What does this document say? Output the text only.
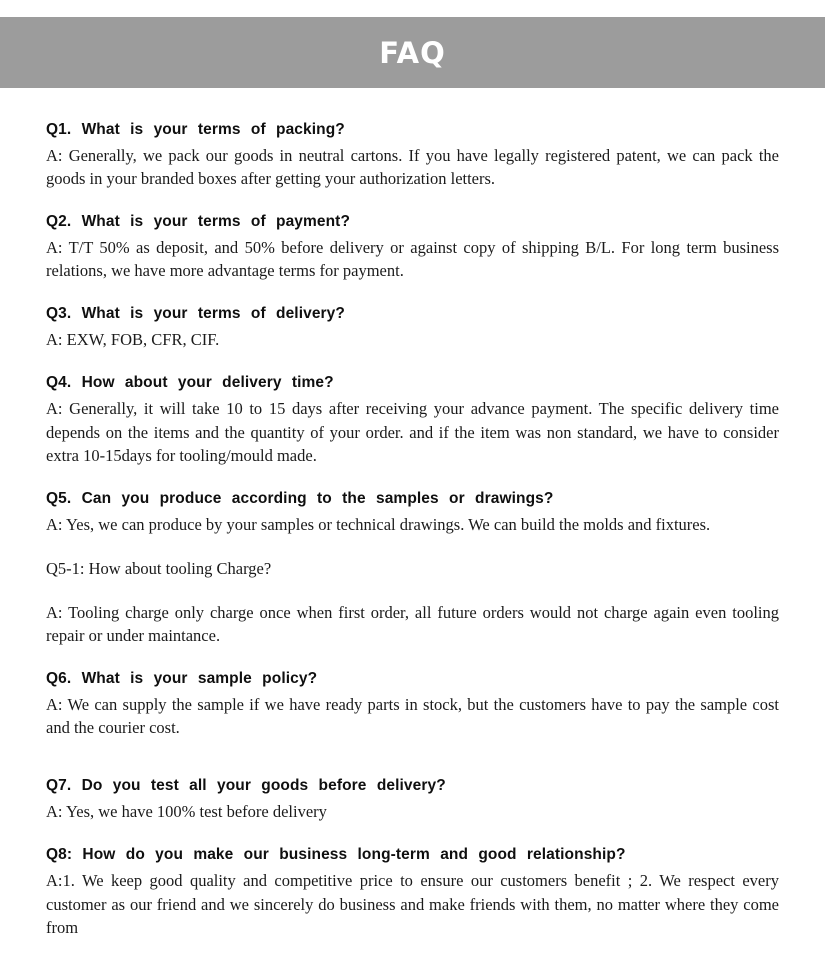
FAQ
Q1. What is your terms of packing?

A: Generally, we pack our goods in neutral cartons. If you have legally registered patent, we can pack the goods in your branded boxes after getting your authorization letters.

Q2. What is your terms of payment?

A: T/T 50% as deposit, and 50% before delivery or against copy of shipping B/L. For long term business relations, we have more advantage terms for payment.

Q3. What is your terms of delivery?

A: EXW, FOB, CFR, CIF.

Q4. How about your delivery time?

A: Generally, it will take 10 to 15 days after receiving your advance payment. The specific delivery time depends on the items and the quantity of your order. and if the item was non standard, we have to consider extra 10-15days for tooling/mould made.

Q5. Can you produce according to the samples or drawings?

A: Yes, we can produce by your samples or technical drawings. We can build the molds and fixtures.

Q5-1: How about tooling Charge?

A: Tooling charge only charge once when first order, all future orders would not charge again even tooling repair or under maintance.

Q6. What is your sample policy?

A: We can supply the sample if we have ready parts in stock, but the customers have to pay the sample cost and the courier cost.

Q7. Do you test all your goods before delivery?

A: Yes, we have 100% test before delivery

Q8: How do you make our business long-term and good relationship?

A:1. We keep good quality and competitive price to ensure our customers benefit ; 2. We respect every customer as our friend and we sincerely do business and make friends with them, no matter where they come from
